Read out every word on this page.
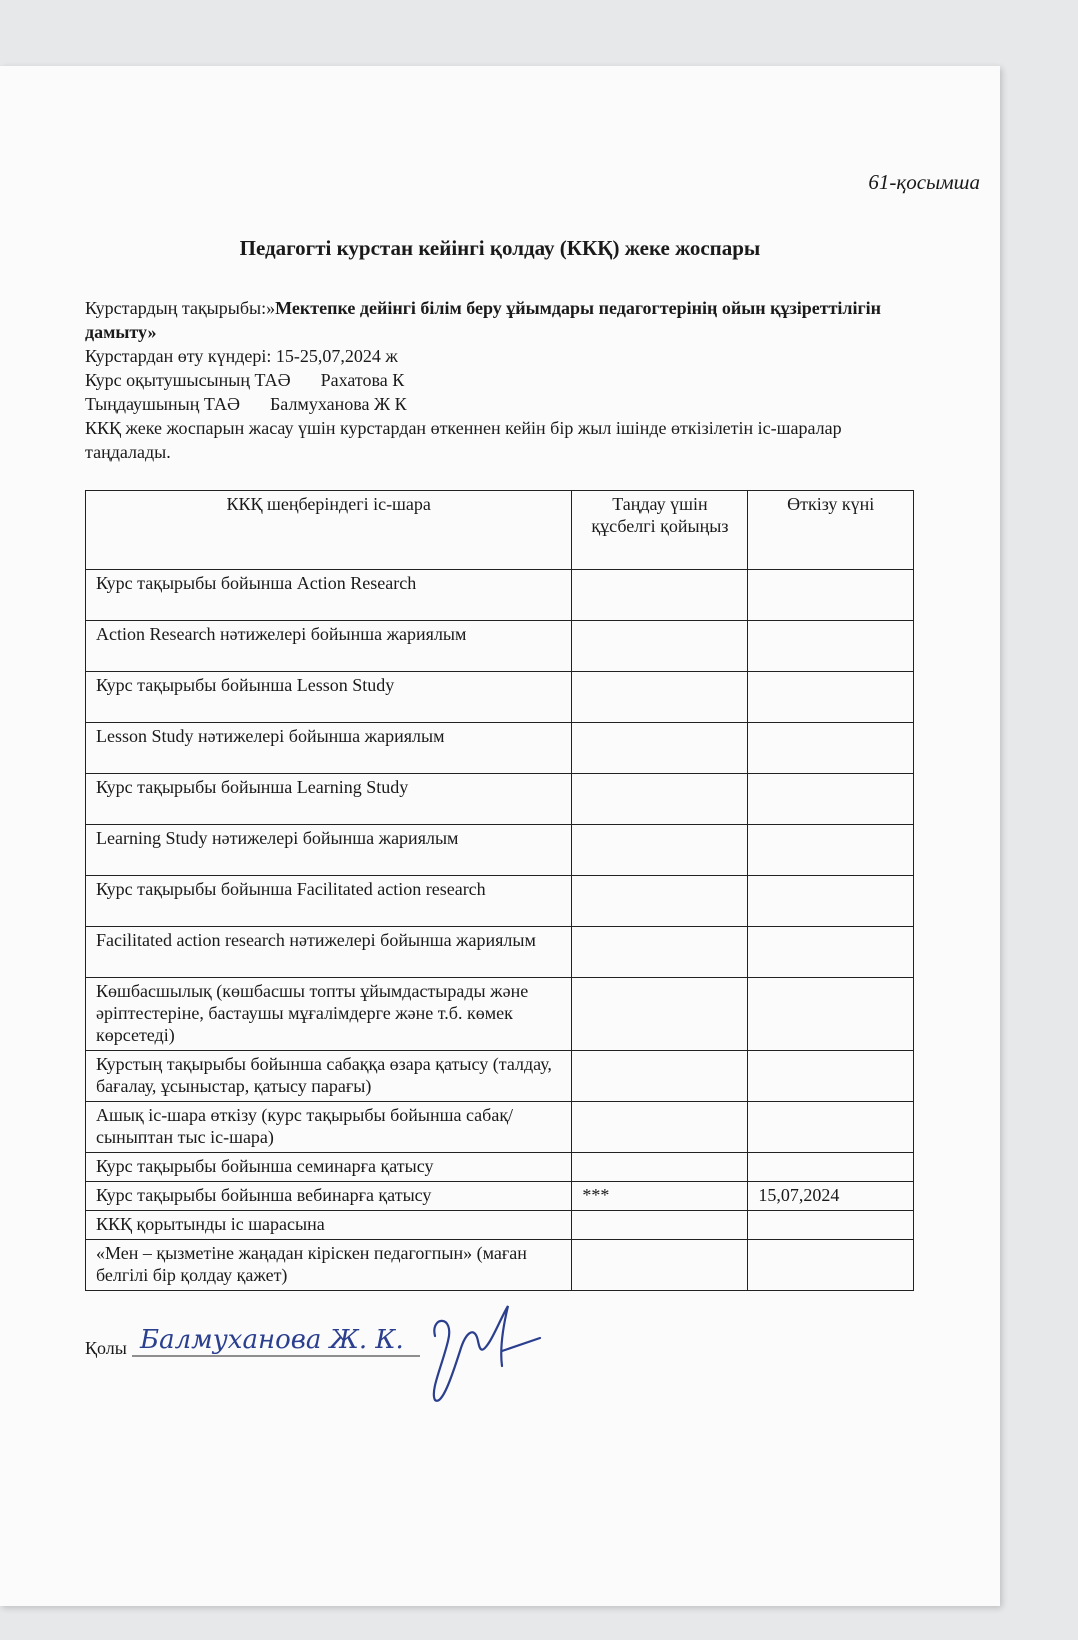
61-қосымша
Педагогті курстан кейінгі қолдау (ККҚ) жеке жоспары
Курстардың тақырыбы:»Мектепке дейінгі білім беру ұйымдары педагогтерінің ойын құзіреттілігін дамыту»
Курстардан өту күндері: 15-25,07,2024 ж
Курс оқытушысының ТАӘ Рахатова К
Тыңдаушының ТАӘ Балмуханова Ж К
ККҚ жеке жоспарын жасау үшін курстардан өткеннен кейін бір жыл ішінде өткізілетін іс-шаралар таңдалады.
ККҚ шеңберіндегі іс-шара	Таңдау үшін құсбелгі қойыңыз	Өткізу күні
Курс тақырыбы бойынша Action Research		
Action Research нәтижелері бойынша жариялым		
Курс тақырыбы бойынша Lesson Study		
Lesson Study нәтижелері бойынша жариялым		
Курс тақырыбы бойынша Learning Study		
Learning Study нәтижелері бойынша жариялым		
Курс тақырыбы бойынша Facilitated action research		
Facilitated action research нәтижелері бойынша жариялым		
Көшбасшылық (көшбасшы топты ұйымдастырады және әріптестеріне, бастаушы мұғалімдерге және т.б. көмек көрсетеді)		
Курстың тақырыбы бойынша сабаққа өзара қатысу (талдау, бағалау, ұсыныстар, қатысу парағы)		
Ашық іс-шара өткізу (курс тақырыбы бойынша сабақ/сыныптан тыс іс-шара)		
Курс тақырыбы бойынша семинарға қатысу		
Курс тақырыбы бойынша вебинарға қатысу	***	15,07,2024
ККҚ қорытынды іс шарасына		
«Мен – қызметіне жаңадан кіріскен педагогпын» (маған белгілі бір қолдау қажет)		
Қолы Балмуханова Ж. К.
